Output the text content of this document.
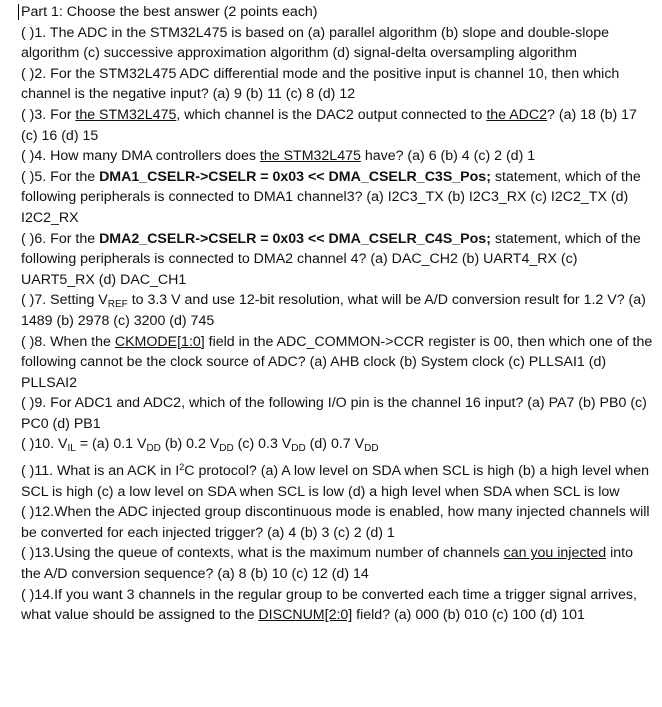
Part 1: Choose the best answer (2 points each)

( )1. The ADC in the STM32L475 is based on (a) parallel algorithm (b) slope and double-slope algorithm (c) successive approximation algorithm (d) signal-delta oversampling algorithm

( )2. For the STM32L475 ADC differential mode and the positive input is channel 10, then which channel is the negative input? (a) 9 (b) 11 (c) 8 (d) 12

( )3. For the STM32L475, which channel is the DAC2 output connected to the ADC2? (a) 18 (b) 17 (c) 16 (d) 15

( )4. How many DMA controllers does the STM32L475 have? (a) 6 (b) 4 (c) 2 (d) 1

( )5. For the DMA1_CSELR->CSELR = 0x03 << DMA_CSELR_C3S_Pos; statement, which of the following peripherals is connected to DMA1 channel3? (a) I2C3_TX (b) I2C3_RX (c) I2C2_TX (d) I2C2_RX

( )6. For the DMA2_CSELR->CSELR = 0x03 << DMA_CSELR_C4S_Pos; statement, which of the following peripherals is connected to DMA2 channel 4? (a) DAC_CH2 (b) UART4_RX (c) UART5_RX (d) DAC_CH1

( )7. Setting $V_{REF}$ to 3.3 V and use 12-bit resolution, what will be A/D conversion result for 1.2 V? (a) 1489 (b) 2978 (c) 3200 (d) 745

( )8. When the CKMODE[1:0] field in the ADC_COMMON->CCR register is 00, then which one of the following cannot be the clock source of ADC? (a) AHB clock (b) System clock (c) PLLSAI1 (d) PLLSAI2

( )9. For ADC1 and ADC2, which of the following I/O pin is the channel 16 input? (a) PA7 (b) PB0 (c) PC0 (d) PB1

( )10. $V_{IL} = (a)$ 0.1 $V_{DD}$ (b) 0.2 $V_{DD}$ (c) 0.3 $V_{DD}$ (d) 0.7 $V_{DD}$

( )11. What is an ACK in $I^2C$ protocol? (a) A low level on SDA when SCL is high (b) a high level when SCL is high (c) a low level on SDA when SCL is low (d) a high level when SDA when SCL is low

( )12.When the ADC injected group discontinuous mode is enabled, how many injected channels will be converted for each injected trigger? (a) 4 (b) 3 (c) 2 (d) 1

( )13.Using the queue of contexts, what is the maximum number of channels can you injected into the A/D conversion sequence? (a) 8 (b) 10 (c) 12 (d) 14

( )14.If you want 3 channels in the regular group to be converted each time a trigger signal arrives, what value should be assigned to the DISCNUM[2:0] field? (a) 000 (b) 010 (c) 100 (d) 101
